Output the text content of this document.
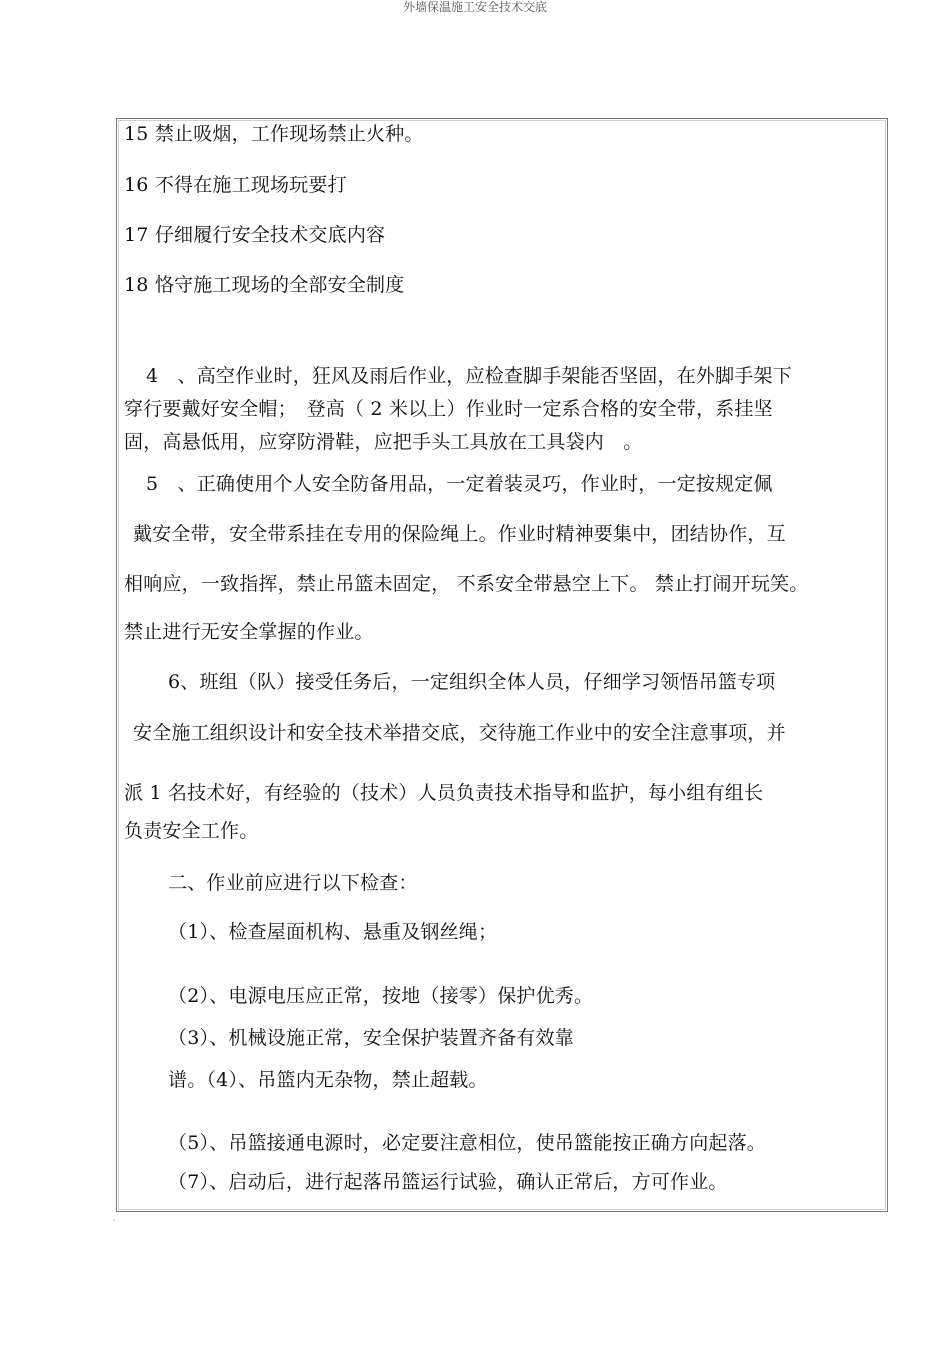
外墙保温施工安全技术交底
15 禁止吸烟，工作现场禁止火种。
16 不得在施工现场玩要打
17 仔细履行安全技术交底内容
18 恪守施工现场的全部安全制度
4　、高空作业时，狂风及雨后作业，应检查脚手架能否坚固，在外脚手架下
穿行要戴好安全帽；　登高（ 2 米以上）作业时一定系合格的安全带，系挂坚
固，高悬低用，应穿防滑鞋，应把手头工具放在工具袋内　。
5　、正确使用个人安全防备用品，一定着装灵巧，作业时，一定按规定佩
戴安全带，安全带系挂在专用的保险绳上。作业时精神要集中，团结协作，互
相响应，一致指挥，禁止吊篮未固定， 不系安全带悬空上下。 禁止打闹开玩笑。
禁止进行无安全掌握的作业。
6、班组（队）接受任务后，一定组织全体人员，仔细学习领悟吊篮专项
安全施工组织设计和安全技术举措交底，交待施工作业中的安全注意事项，并
派 1 名技术好，有经验的（技术）人员负责技术指导和监护，每小组有组长
负责安全工作。
二、作业前应进行以下检查：
（1）、检查屋面机构、悬重及钢丝绳；
（2）、电源电压应正常，按地（接零）保护优秀。
（3）、机械设施正常，安全保护装置齐备有效靠
谱。（4）、吊篮内无杂物，禁止超载。
（5）、吊篮接通电源时，必定要注意相位，使吊篮能按正确方向起落。
（7）、启动后，进行起落吊篮运行试验，确认正常后，方可作业。
.
